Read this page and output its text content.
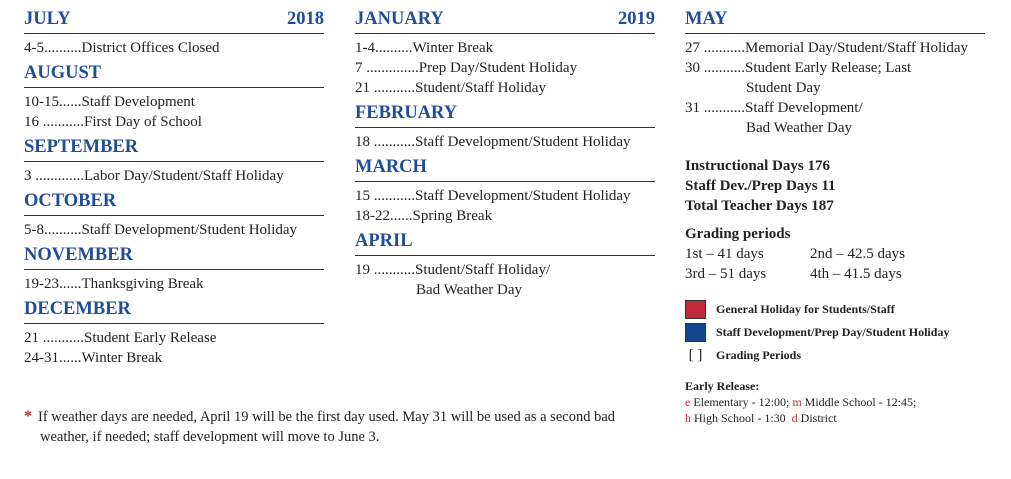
JULY	2018
4-5..........District Offices Closed
AUGUST
10-15......Staff Development
16 ...........First Day of School
SEPTEMBER
3 .............Labor Day/Student/Staff Holiday
OCTOBER
5-8..........Staff Development/Student Holiday
NOVEMBER
19-23......Thanksgiving Break
DECEMBER
21 ...........Student Early Release
24-31......Winter Break
JANUARY	2019
1-4..........Winter Break
7 ..............Prep Day/Student Holiday
21 ...........Student/Staff Holiday
FEBRUARY
18 ...........Staff Development/Student Holiday
MARCH
15 ...........Staff Development/Student Holiday
18-22......Spring Break
APRIL
19 ...........Student/Staff Holiday/
Bad Weather Day
MAY
27 ...........Memorial Day/Student/Staff Holiday
30 ...........Student Early Release; Last
Student Day
31 ...........Staff Development/
Bad Weather Day
Instructional Days 176
Staff Dev./Prep Days 11
Total Teacher Days 187
Grading periods
1st – 41 days	2nd – 42.5 days
3rd – 51 days	4th – 41.5 days
General Holiday for Students/Staff
Staff Development/Prep Day/Student Holiday
[ ]	Grading Periods
Early Release:
e Elementary - 12:00; m Middle School - 12:45;
h High School - 1:30 d District
* If weather days are needed, April 19 will be the first day used. May 31 will be used as a second bad
weather, if needed; staff development will move to June 3.
